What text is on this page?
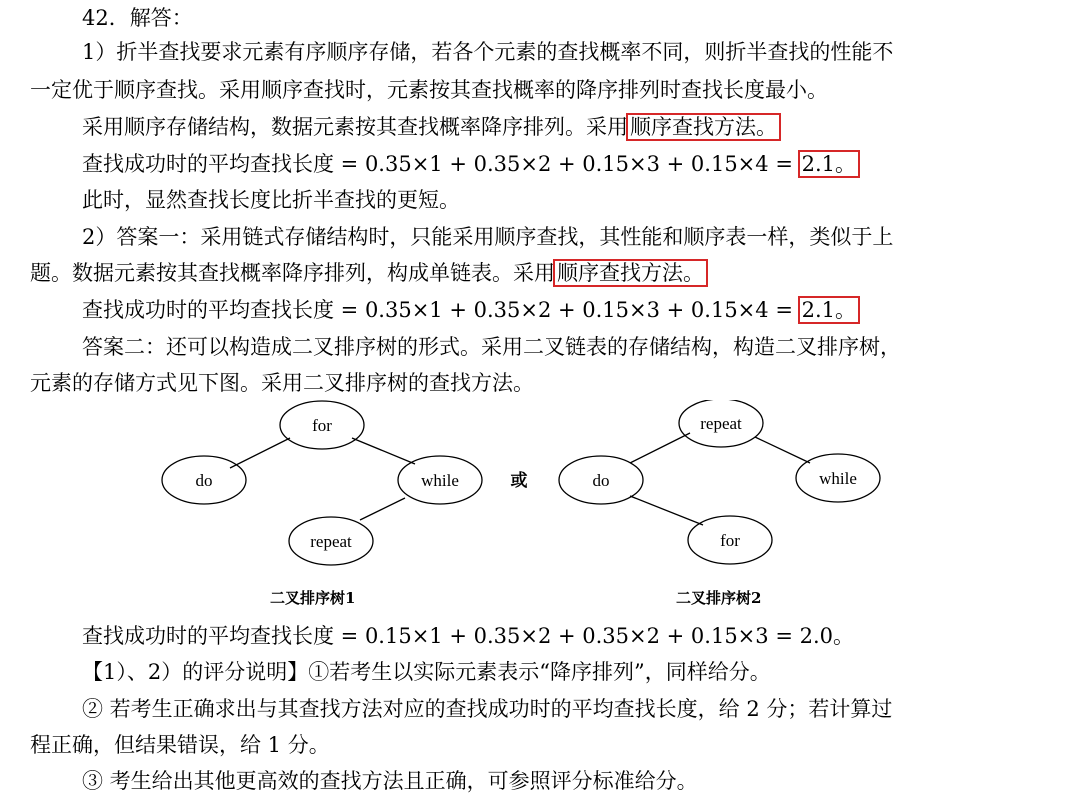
42．解答：
1）折半查找要求元素有序顺序存储，若各个元素的查找概率不同，则折半查找的性能不
一定优于顺序查找。采用顺序查找时，元素按其查找概率的降序排列时查找长度最小。
采用顺序存储结构，数据元素按其查找概率降序排列。采用顺序查找方法。
查找成功时的平均查找长度 = 0.35×1 + 0.35×2 + 0.15×3 + 0.15×4 = 2.1。
此时，显然查找长度比折半查找的更短。
2）答案一：采用链式存储结构时，只能采用顺序查找，其性能和顺序表一样，类似于上
题。数据元素按其查找概率降序排列，构成单链表。采用顺序查找方法。
查找成功时的平均查找长度 = 0.35×1 + 0.35×2 + 0.15×3 + 0.15×4 = 2.1。
答案二：还可以构造成二叉排序树的形式。采用二叉链表的存储结构，构造二叉排序树，
元素的存储方式见下图。采用二叉排序树的查找方法。
for
do	while
repeat
或
repeat
do	while
for
二叉排序树1	二叉排序树2
查找成功时的平均查找长度 = 0.15×1 + 0.35×2 + 0.35×2 + 0.15×3 = 2.0。
【1）、2）的评分说明】①若考生以实际元素表示“降序排列”，同样给分。
② 若考生正确求出与其查找方法对应的查找成功时的平均查找长度，给 2 分；若计算过
程正确，但结果错误，给 1 分。
③ 考生给出其他更高效的查找方法且正确，可参照评分标准给分。
